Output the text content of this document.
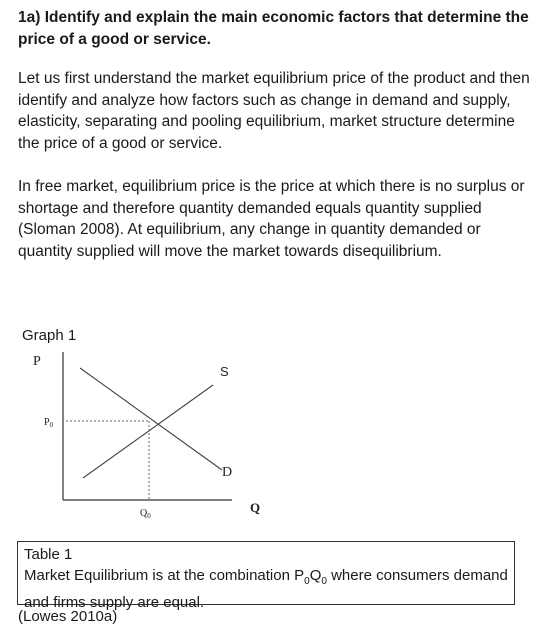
1a) Identify and explain the main economic factors that determine the price of a good or service.
Let us first understand the market equilibrium price of the product and then identify and analyze how factors such as change in demand and supply, elasticity, separating and pooling equilibrium, market structure determine the price of a good or service.
In free market, equilibrium price is the price at which there is no surplus or shortage and therefore quantity demanded equals quantity supplied (Sloman 2008). At equilibrium, any change in quantity demanded or quantity supplied will move the market towards disequilibrium.
Graph 1
P
Q
S
D
$P_0$
$Q_0$
Table 1
Market Equilibrium is at the combination $P_0Q_0$ where consumers demand and firms supply are equal.
(Lowes 2010a)
